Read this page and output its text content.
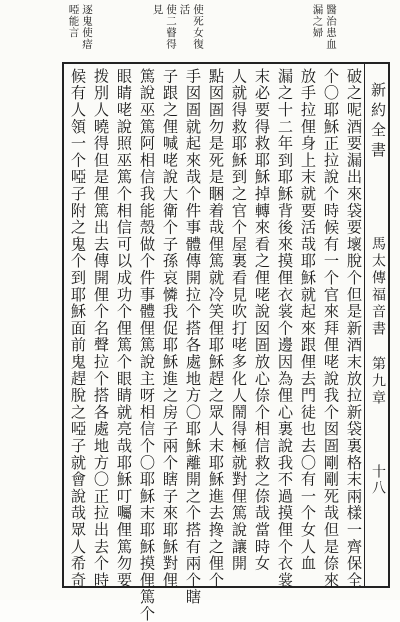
醫治患血
漏之婦
使死女復
活
使二瞽得
見
逐鬼使瘖
啞能言
新約全書
馬太傳福音書
第九章
十八
破之呢酒要漏出來袋要壞脫个但是新酒末放拉新袋裏格末兩樣一齊保全
个〇耶穌正拉說个時候有一个官來拜俚咾說我个囡圄剛剛死哉但是倷來
放手拉俚身上末就要活哉耶穌就起來跟俚去門徒也去〇有一个女人血
漏之十二年到耶穌背後來摸俚衣裳个邊因為俚心裏說我不過摸俚个衣裳
末必要得救耶穌掉轉來看之俚咾說囡圄放心倷个相信救之倷哉當時女
人就得救耶穌到之官个屋裏看見吹打咾多化人鬧得極就對俚篤說讓開
點囡圄勿是死是睏着哉俚篤就冷笑俚耶穌趕之眾人末耶穌進去搀之俚个
手囡圄就起來哉个件事體傳開拉个搭各處地方〇耶穌離開之个搭有兩个瞎
子跟之俚喊咾說大衛个子孫哀憐我促耶穌進之房子兩个瞎子來耶穌對俚
篤說巫篤阿相信我能殼做个件事體俚篤說主呀相信个〇耶穌末耶穌摸俚篤个
眼睛咾說照巫篤个相信可以成功个俚篤个眼睛就亮哉耶穌叮囑俚篤勿要
拨別人曉得但是俚篤出去傳開俚个名聲拉个搭各處地方〇正拉出去个時
候有人領一个啞子附之鬼个到耶穌面前鬼趕脫之啞子就會說哉眾人希奇
